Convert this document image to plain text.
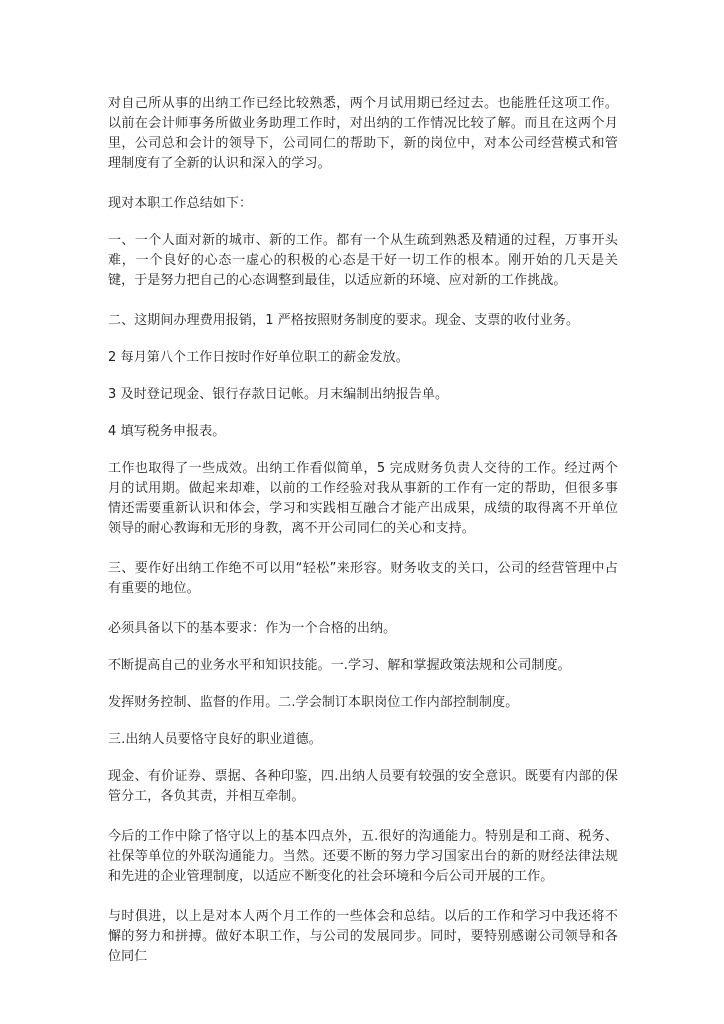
对自己所从事的出纳工作已经比较熟悉，两个月试用期已经过去。也能胜任这项工作。以前在会计师事务所做业务助理工作时，对出纳的工作情况比较了解。而且在这两个月里，公司总和会计的领导下，公司同仁的帮助下，新的岗位中，对本公司经营模式和管理制度有了全新的认识和深入的学习。

现对本职工作总结如下：

一、一个人面对新的城市、新的工作。都有一个从生疏到熟悉及精通的过程，万事开头难，一个良好的心态一虚心的积极的心态是干好一切工作的根本。刚开始的几天是关键，于是努力把自己的心态调整到最佳，以适应新的环境、应对新的工作挑战。

二、这期间办理费用报销，1 严格按照财务制度的要求。现金、支票的收付业务。

2 每月第八个工作日按时作好单位职工的薪金发放。

3 及时登记现金、银行存款日记帐。月末编制出纳报告单。

4 填写税务申报表。

工作也取得了一些成效。出纳工作看似简单，5 完成财务负责人交待的工作。经过两个月的试用期。做起来却难，以前的工作经验对我从事新的工作有一定的帮助，但很多事情还需要重新认识和体会，学习和实践相互融合才能产出成果，成绩的取得离不开单位领导的耐心教诲和无形的身教，离不开公司同仁的关心和支持。

三、要作好出纳工作绝不可以用“轻松”来形容。财务收支的关口，公司的经营管理中占有重要的地位。

必须具备以下的基本要求：作为一个合格的出纳。

不断提高自己的业务水平和知识技能。一.学习、解和掌握政策法规和公司制度。

发挥财务控制、监督的作用。二.学会制订本职岗位工作内部控制制度。

三.出纳人员要恪守良好的职业道德。

现金、有价证券、票据、各种印鉴，四.出纳人员要有较强的安全意识。既要有内部的保管分工，各负其责，并相互牵制。

今后的工作中除了恪守以上的基本四点外，五.很好的沟通能力。特别是和工商、税务、社保等单位的外联沟通能力。当然。还要不断的努力学习国家出台的新的财经法律法规和先进的企业管理制度，以适应不断变化的社会环境和今后公司开展的工作。

与时俱进，以上是对本人两个月工作的一些体会和总结。以后的工作和学习中我还将不懈的努力和拼搏。做好本职工作，与公司的发展同步。同时，要特别感谢公司领导和各位同仁
